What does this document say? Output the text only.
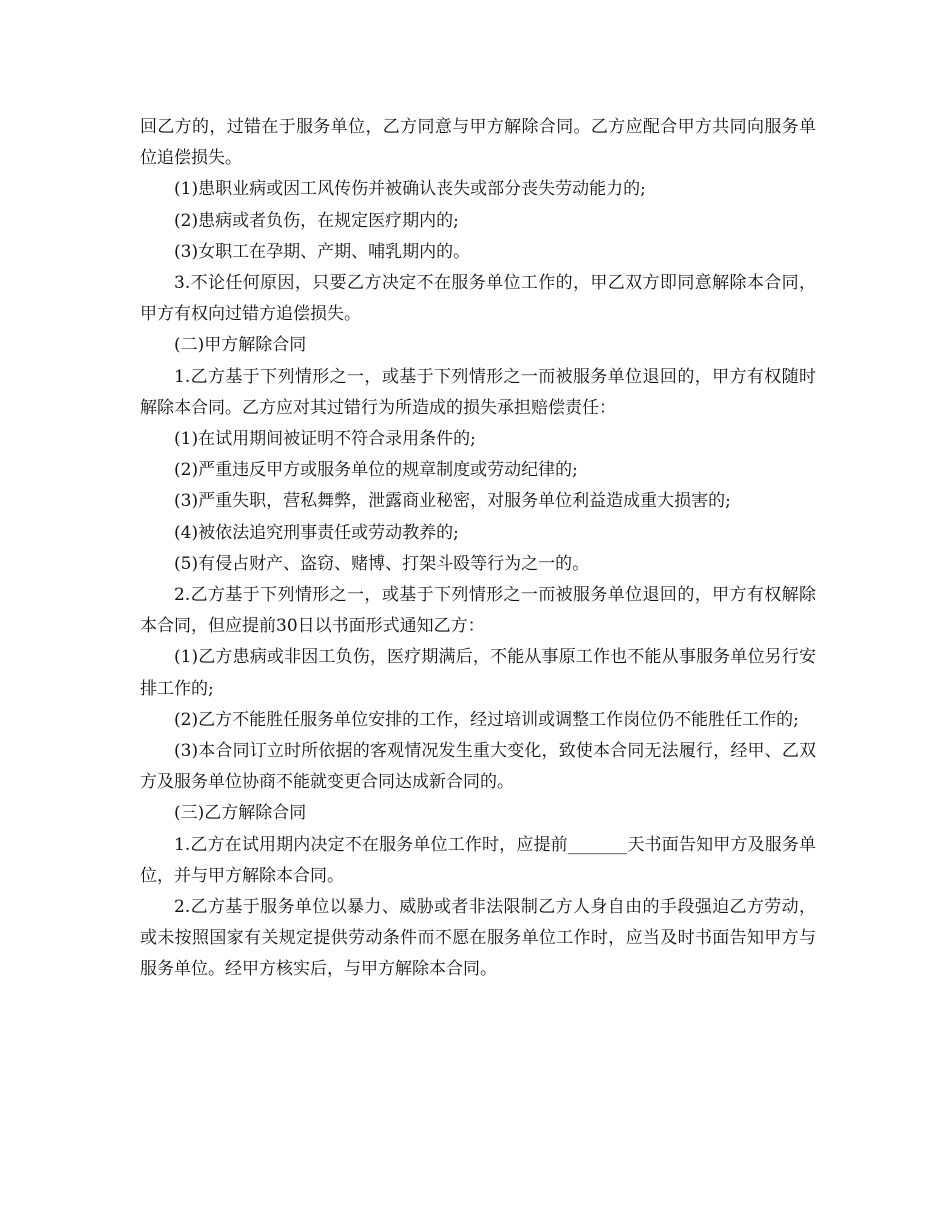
回乙方的，过错在于服务单位，乙方同意与甲方解除合同。乙方应配合甲方共同向服务单位追偿损失。

(1)患职业病或因工风传伤并被确认丧失或部分丧失劳动能力的;

(2)患病或者负伤，在规定医疗期内的;

(3)女职工在孕期、产期、哺乳期内的。

3.不论任何原因，只要乙方决定不在服务单位工作的，甲乙双方即同意解除本合同，甲方有权向过错方追偿损失。

(二)甲方解除合同

1.乙方基于下列情形之一，或基于下列情形之一而被服务单位退回的，甲方有权随时解除本合同。乙方应对其过错行为所造成的损失承担赔偿责任：

(1)在试用期间被证明不符合录用条件的;

(2)严重违反甲方或服务单位的规章制度或劳动纪律的;

(3)严重失职，营私舞弊，泄露商业秘密，对服务单位利益造成重大损害的;

(4)被依法追究刑事责任或劳动教养的;

(5)有侵占财产、盗窃、赌博、打架斗殴等行为之一的。

2.乙方基于下列情形之一，或基于下列情形之一而被服务单位退回的，甲方有权解除本合同，但应提前30日以书面形式通知乙方：

(1)乙方患病或非因工负伤，医疗期满后，不能从事原工作也不能从事服务单位另行安排工作的;

(2)乙方不能胜任服务单位安排的工作，经过培训或调整工作岗位仍不能胜任工作的;

(3)本合同订立时所依据的客观情况发生重大变化，致使本合同无法履行，经甲、乙双方及服务单位协商不能就变更合同达成新合同的。

(三)乙方解除合同

1.乙方在试用期内决定不在服务单位工作时，应提前_______天书面告知甲方及服务单位，并与甲方解除本合同。

2.乙方基于服务单位以暴力、威胁或者非法限制乙方人身自由的手段强迫乙方劳动，或未按照国家有关规定提供劳动条件而不愿在服务单位工作时，应当及时书面告知甲方与服务单位。经甲方核实后，与甲方解除本合同。
